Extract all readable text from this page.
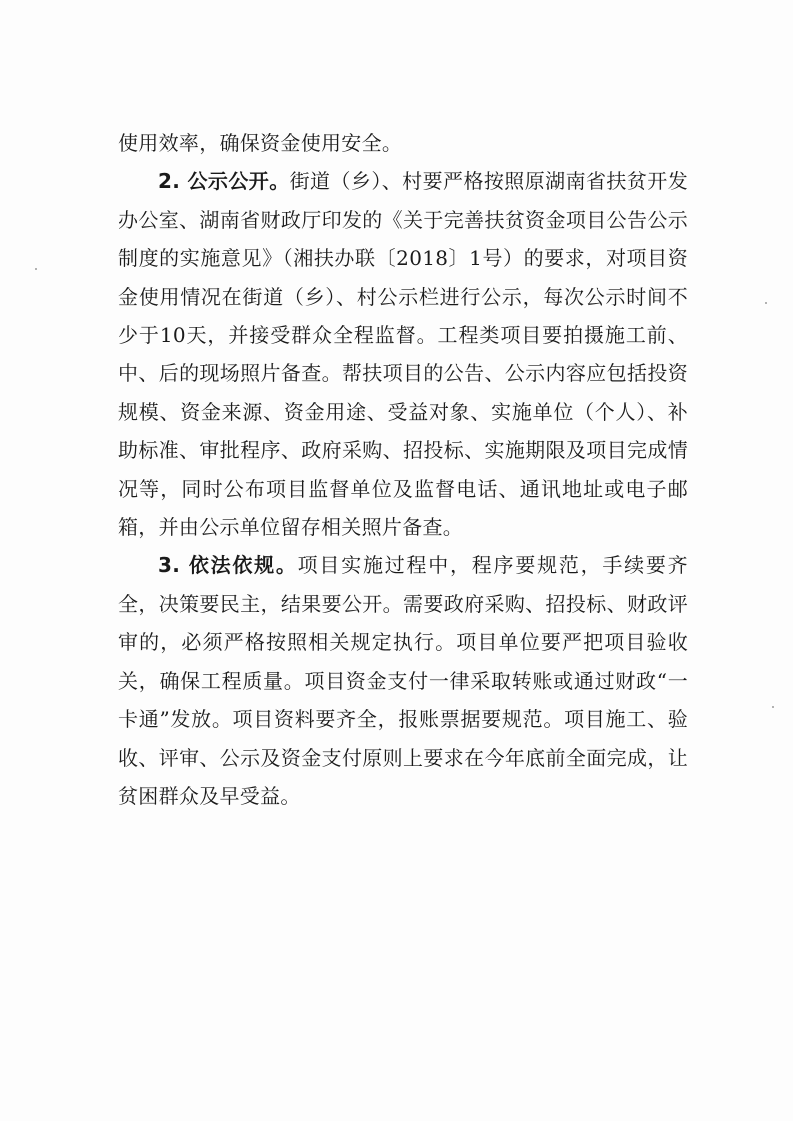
使用效率，确保资金使用安全。

2. 公示公开。街道（乡）、村要严格按照原湖南省扶贫开发办公室、湖南省财政厅印发的《关于完善扶贫资金项目公告公示制度的实施意见》（湘扶办联〔2018〕1号）的要求，对项目资金使用情况在街道（乡）、村公示栏进行公示，每次公示时间不少于10天，并接受群众全程监督。工程类项目要拍摄施工前、中、后的现场照片备查。帮扶项目的公告、公示内容应包括投资规模、资金来源、资金用途、受益对象、实施单位（个人）、补助标准、审批程序、政府采购、招投标、实施期限及项目完成情况等，同时公布项目监督单位及监督电话、通讯地址或电子邮箱，并由公示单位留存相关照片备查。

3. 依法依规。项目实施过程中，程序要规范，手续要齐全，决策要民主，结果要公开。需要政府采购、招投标、财政评审的，必须严格按照相关规定执行。项目单位要严把项目验收关，确保工程质量。项目资金支付一律采取转账或通过财政“一卡通”发放。项目资料要齐全，报账票据要规范。项目施工、验收、评审、公示及资金支付原则上要求在今年底前全面完成，让贫困群众及早受益。
